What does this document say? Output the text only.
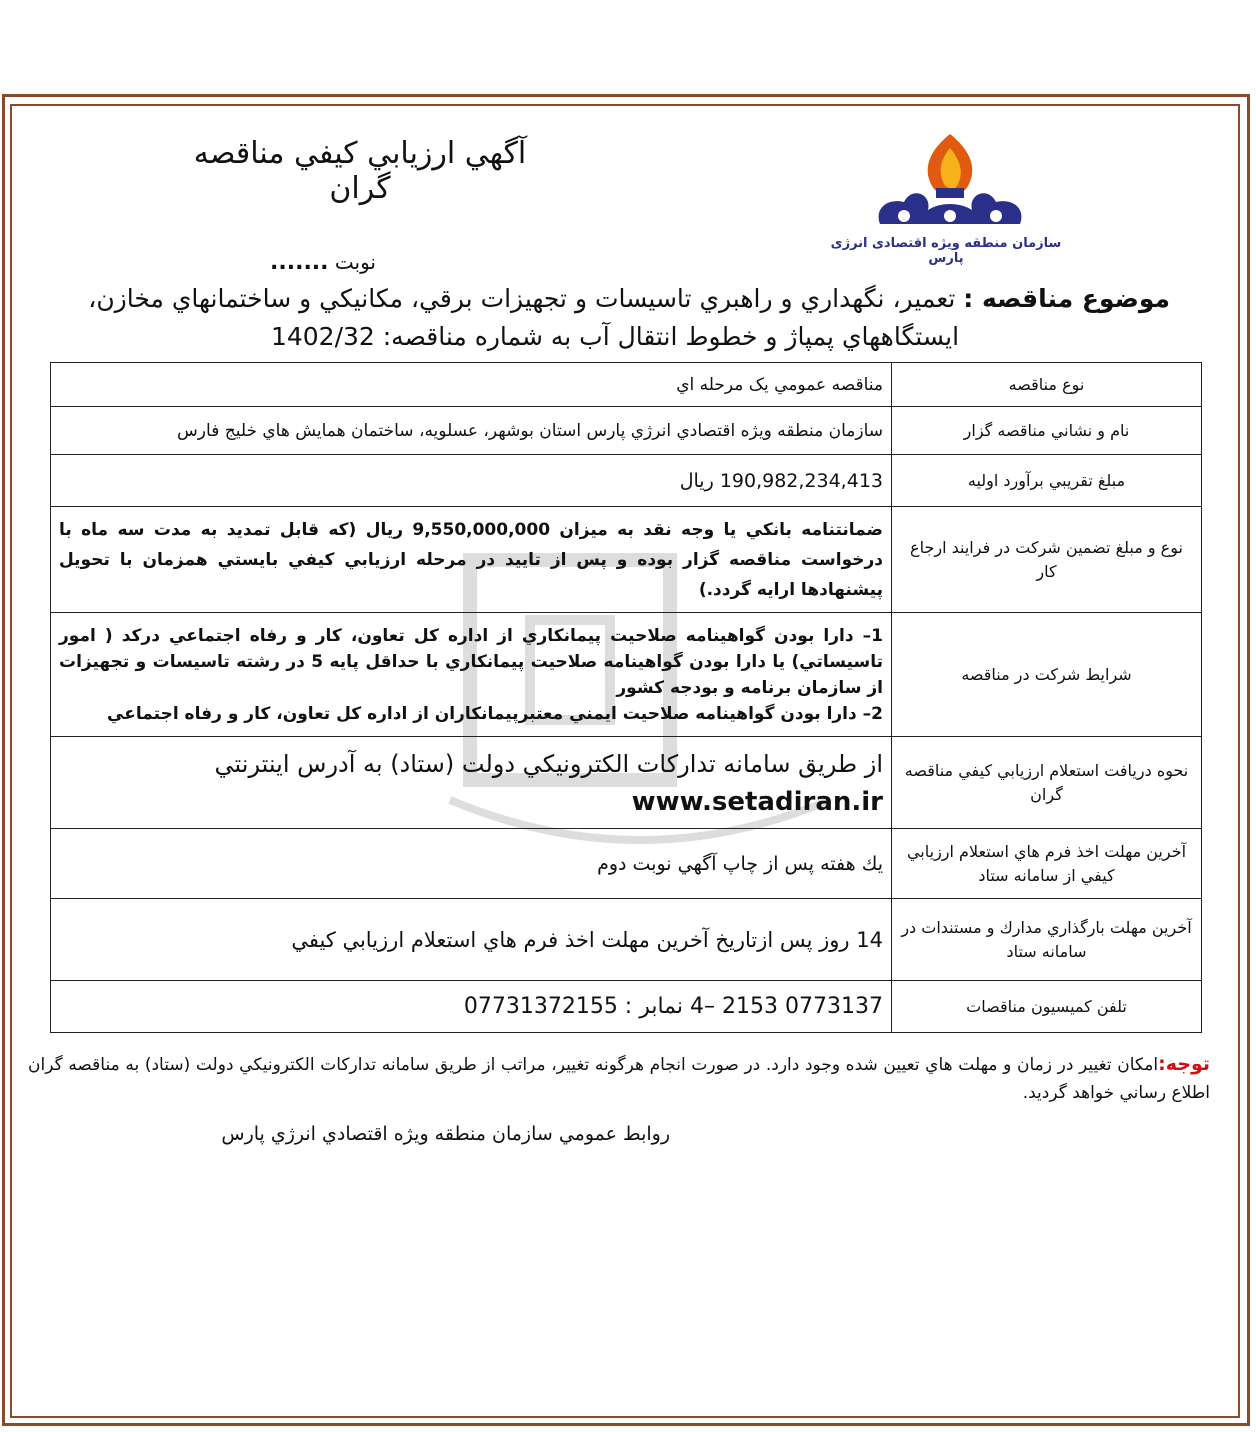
سازمان منطقه ویژه اقتصادی انرژی پارس
آگهي ارزيابي كيفي مناقصه گران
نوبت .......
موضوع مناقصه : تعمير، نگهداري و راهبري تاسيسات و تجهيزات برقي، مكانيكي و ساختمانهاي مخازن،
ايستگاههاي پمپاژ و خطوط انتقال آب به شماره مناقصه: 1402/32
نوع مناقصه	مناقصه عمومي يک مرحله اي
نام و نشاني مناقصه گزار	سازمان منطقه ويژه اقتصادي انرژي پارس استان بوشهر، عسلويه، ساختمان همايش هاي خليج فارس
مبلغ تقريبي برآورد اوليه	190,982,234,413 ريال
نوع و مبلغ تضمين شركت در فرايند ارجاع كار	ضمانتنامه بانكي يا وجه نقد به ميزان 9,550,000,000 ريال (كه قابل تمديد به مدت سه ماه با درخواست مناقصه گزار بوده و پس از تاييد در مرحله ارزيابي كيفي بايستي همزمان با تحويل پيشنهادها ارايه گردد.)
شرايط شركت در مناقصه	1– دارا بودن گواهينامه صلاحيت پيمانكاري از اداره كل تعاون، كار و رفاه اجتماعي دركد ( امور تاسيساتي) يا دارا بودن گواهينامه صلاحيت پيمانكاري با حداقل پايه 5 در رشته تاسيسات و تجهيزات از سازمان برنامه و بودجه كشور
2– دارا بودن گواهينامه صلاحيت ايمني معتبرپيمانكاران از اداره كل تعاون، كار و رفاه اجتماعي

نحوه دريافت استعلام ارزيابي كيفي مناقصه گران	از طريق سامانه تداركات الكترونيكي دولت (ستاد) به آدرس اينترنتي
www.setadiran.ir

آخرين مهلت اخذ فرم هاي استعلام ارزيابي كيفي از سامانه ستاد	يك هفته پس از چاپ آگهي نوبت دوم
آخرين مهلت بارگذاري مدارك و مستندات در سامانه ستاد	14 روز پس ازتاريخ آخرين مهلت اخذ فرم هاي استعلام ارزيابي كيفي
تلفن كميسيون مناقصات	0773137 2153 –4 نمابر : 07731372155
توجه:امكان تغيير در زمان و مهلت هاي تعيين شده وجود دارد. در صورت انجام هرگونه تغيير، مراتب از طريق سامانه تداركات الكترونيكي دولت (ستاد) به مناقصه گران اطلاع رساني خواهد گرديد.
روابط عمومي سازمان منطقه ويژه اقتصادي انرژي پارس
